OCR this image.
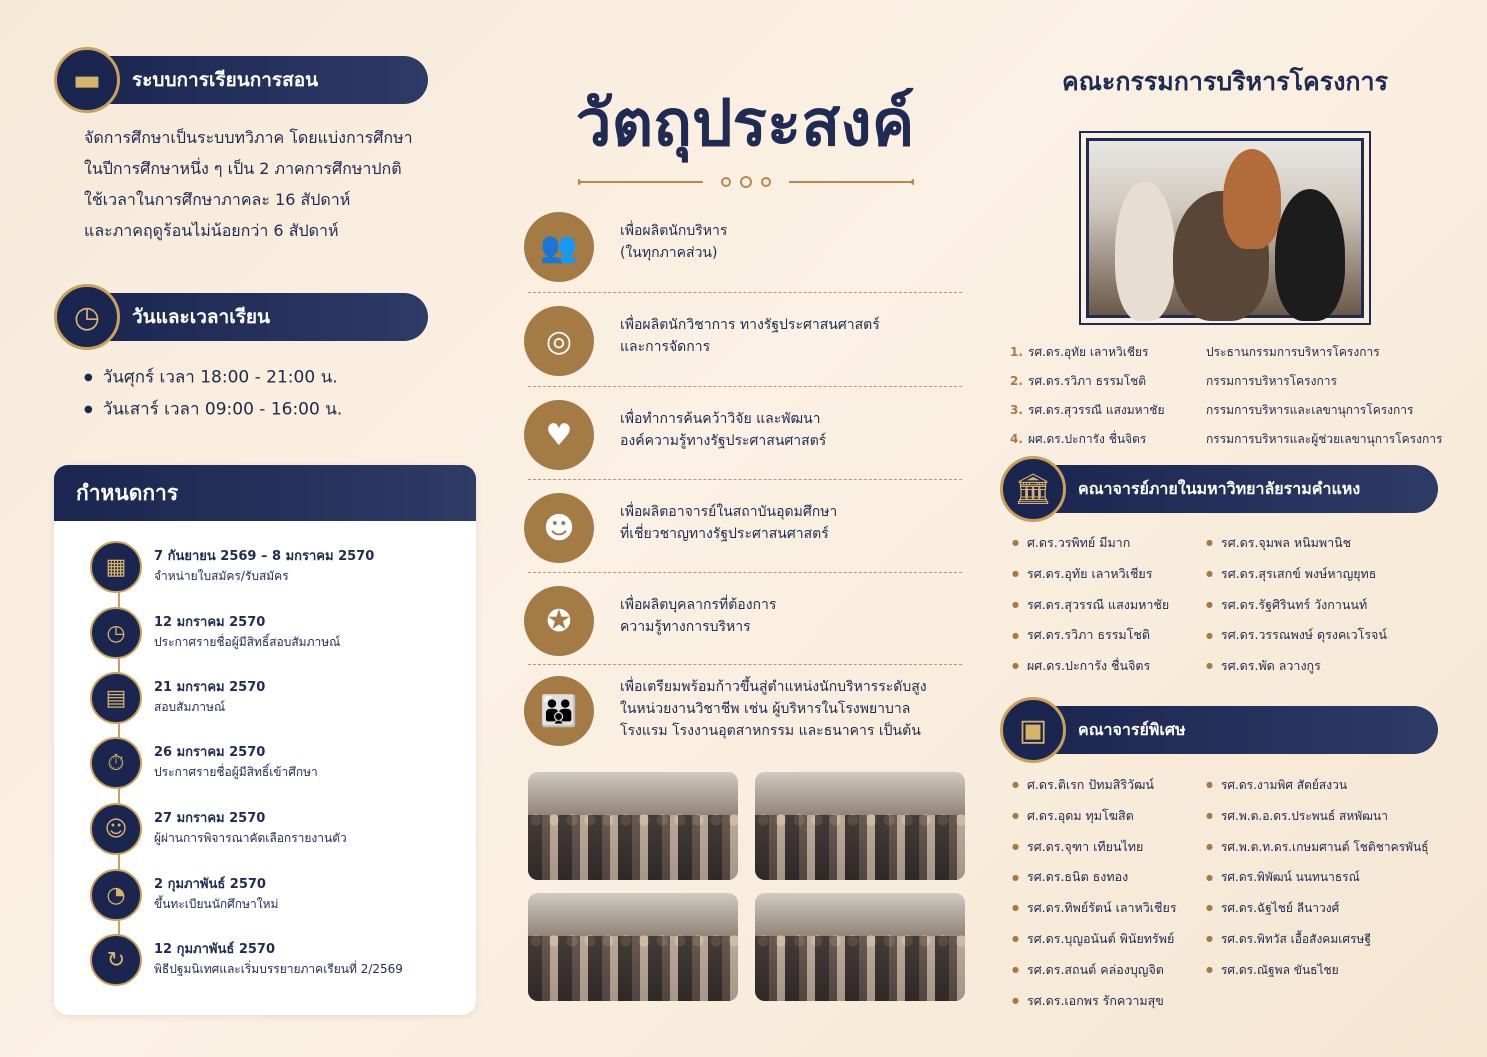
ระบบการเรียนการสอน
▬
จัดการศึกษาเป็นระบบทวิภาค โดยแบ่งการศึกษา
ในปีการศึกษาหนึ่ง ๆ เป็น 2 ภาคการศึกษาปกติ
ใช้เวลาในการศึกษาภาคละ 16 สัปดาห์
และภาคฤดูร้อนไม่น้อยกว่า 6 สัปดาห์
วันและเวลาเรียน
◷
● วันศุกร์ เวลา 18:00 - 21:00 น.
● วันเสาร์ เวลา 09:00 - 16:00 น.
กำหนดการ
▦	7 กันยายน 2569 – 8 มกราคม 2570
จำหน่ายใบสมัคร/รับสมัคร
◷	12 มกราคม 2570
ประกาศรายชื่อผู้มีสิทธิ์สอบสัมภาษณ์
▤	21 มกราคม 2570
สอบสัมภาษณ์
⏱	26 มกราคม 2570
ประกาศรายชื่อผู้มีสิทธิ์เข้าศึกษา
☺	27 มกราคม 2570
ผู้ผ่านการพิจารณาคัดเลือกรายงานตัว
◔	2 กุมภาพันธ์ 2570
ขึ้นทะเบียนนักศึกษาใหม่
↻	12 กุมภาพันธ์ 2570
พิธีปฐมนิเทศและเริ่มบรรยายภาคเรียนที่ 2/2569
วัตถุประสงค์
👥	เพื่อผลิตนักบริหาร
(ในทุกภาคส่วน)
◎	เพื่อผลิตนักวิชาการ ทางรัฐประศาสนศาสตร์
และการจัดการ
♥	เพื่อทำการค้นคว้าวิจัย และพัฒนา
องค์ความรู้ทางรัฐประศาสนศาสตร์
☻	เพื่อผลิตอาจารย์ในสถาบันอุดมศึกษา
ที่เชี่ยวชาญทางรัฐประศาสนศาสตร์
✪	เพื่อผลิตบุคลากรที่ต้องการ
ความรู้ทางการบริหาร
👪
เพื่อเตรียมพร้อมก้าวขึ้นสู่ตำแหน่งนักบริหารระดับสูง
ในหน่วยงานวิชาชีพ เช่น ผู้บริหารในโรงพยาบาล
โรงแรม โรงงานอุตสาหกรรม และธนาคาร เป็นต้น
คณะกรรมการบริหารโครงการ
1. รศ.ดร.อุทัย เลาหวิเชียร	ประธานกรรมการบริหารโครงการ
2. รศ.ดร.รวิภา ธรรมโชติ	กรรมการบริหารโครงการ
3. รศ.ดร.สุวรรณี แสงมหาชัย	กรรมการบริหารและเลขานุการโครงการ
4. ผศ.ดร.ปะการัง ชื่นจิตร	กรรมการบริหารและผู้ช่วยเลขานุการโครงการ
คณาจารย์ภายในมหาวิทยาลัยรามคำแหง
🏛
● ศ.ดร.วรพิทย์ มีมาก
● รศ.ดร.อุทัย เลาหวิเชียร
● รศ.ดร.สุวรรณี แสงมหาชัย
● รศ.ดร.รวิภา ธรรมโชติ
● ผศ.ดร.ปะการัง ชื่นจิตร
● รศ.ดร.จุมพล หนิมพานิช
● รศ.ดร.สุรเสกข์ พงษ์หาญยุทธ
● รศ.ดร.รัฐศิรินทร์ วังกานนท์
● รศ.ดร.วรรณพงษ์ ดุรงคเวโรจน์
● รศ.ดร.พัด ลวางกูร
คณาจารย์พิเศษ
▣
● ศ.ดร.ติเรก ปัทมสิริวัฒน์
● ศ.ดร.อุดม ทุมโฆสิต
● รศ.ดร.จุฑา เทียนไทย
● รศ.ดร.ธนิต ธงทอง
● รศ.ดร.ทิพย์รัตน์ เลาหวิเชียร
● รศ.ดร.บุญอนันต์ พินัยทรัพย์
● รศ.ดร.สถนต์ คล่องบุญจิต
● รศ.ดร.เอกพร รักความสุข
● รศ.ดร.งามพิศ สัตย์สงวน
● รศ.พ.ต.อ.ดร.ประพนธ์ สหพัฒนา
● รศ.พ.ต.ท.ดร.เกษมศานต์ โชติชาครพันธุ์
● รศ.ดร.พิพัฒน์ นนทนาธรณ์
● รศ.ดร.ฉัฐไชย์ ลีนาวงศ์
● รศ.ดร.พิทวัส เอื้อสังคมเศรษฐี
● รศ.ดร.ณัฐพล ขันธไชย
